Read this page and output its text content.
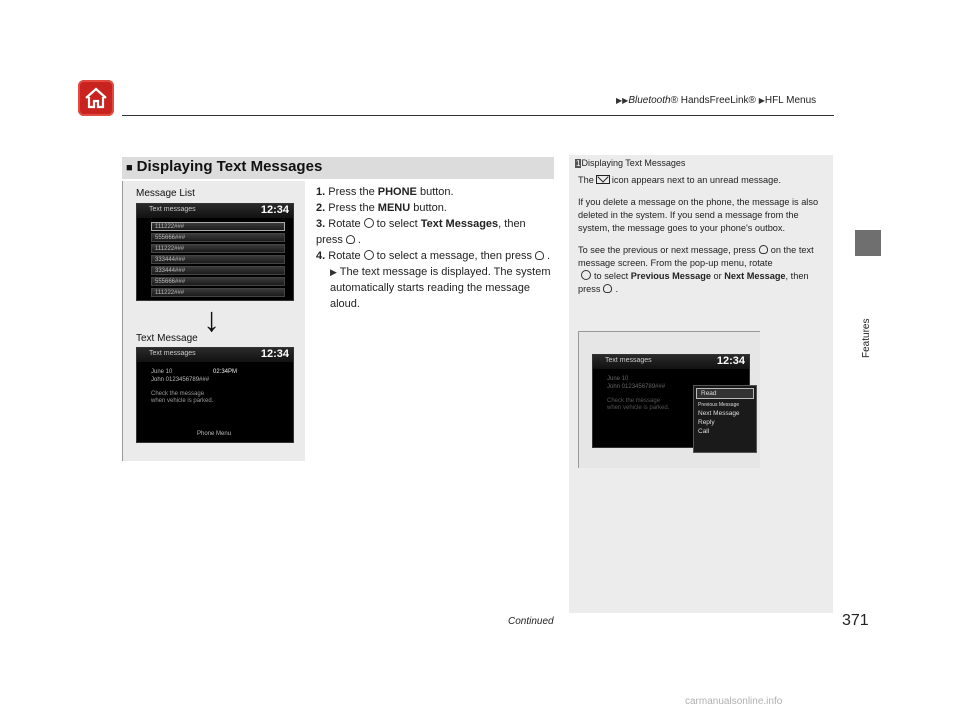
▶▶Bluetooth® HandsFreeLink® ▶HFL Menus
Features
■ Displaying Text Messages
Message List
Text messages	12:34
111222###
555666###
111222###
333444###
333444###
555666###
111222###
↓
Text Message
Text messages	12:34
June 10	02:34PM
John 0123456789###
Check the message
when vehicle is parked.
Phone Menu
1. Press the PHONE button.
2. Press the MENU button.
3. Rotate to select Text Messages, then press .
4. Rotate to select a message, then press .
▶ The text message is displayed. The system automatically starts reading the message aloud.
1Displaying Text Messages

The icon appears next to an unread message.

If you delete a message on the phone, the message is also deleted in the system. If you send a message from the system, the message goes to your phone's outbox.

To see the previous or next message, press on the text message screen. From the pop-up menu, rotate
to select Previous Message or Next Message, then press .

Text messages	12:34
June 10
John 0123456789###
Check the message
when vehicle is parked.
Read
Previous Message
Next Message
Reply
Call
Continued	371
carmanualsonline.info
